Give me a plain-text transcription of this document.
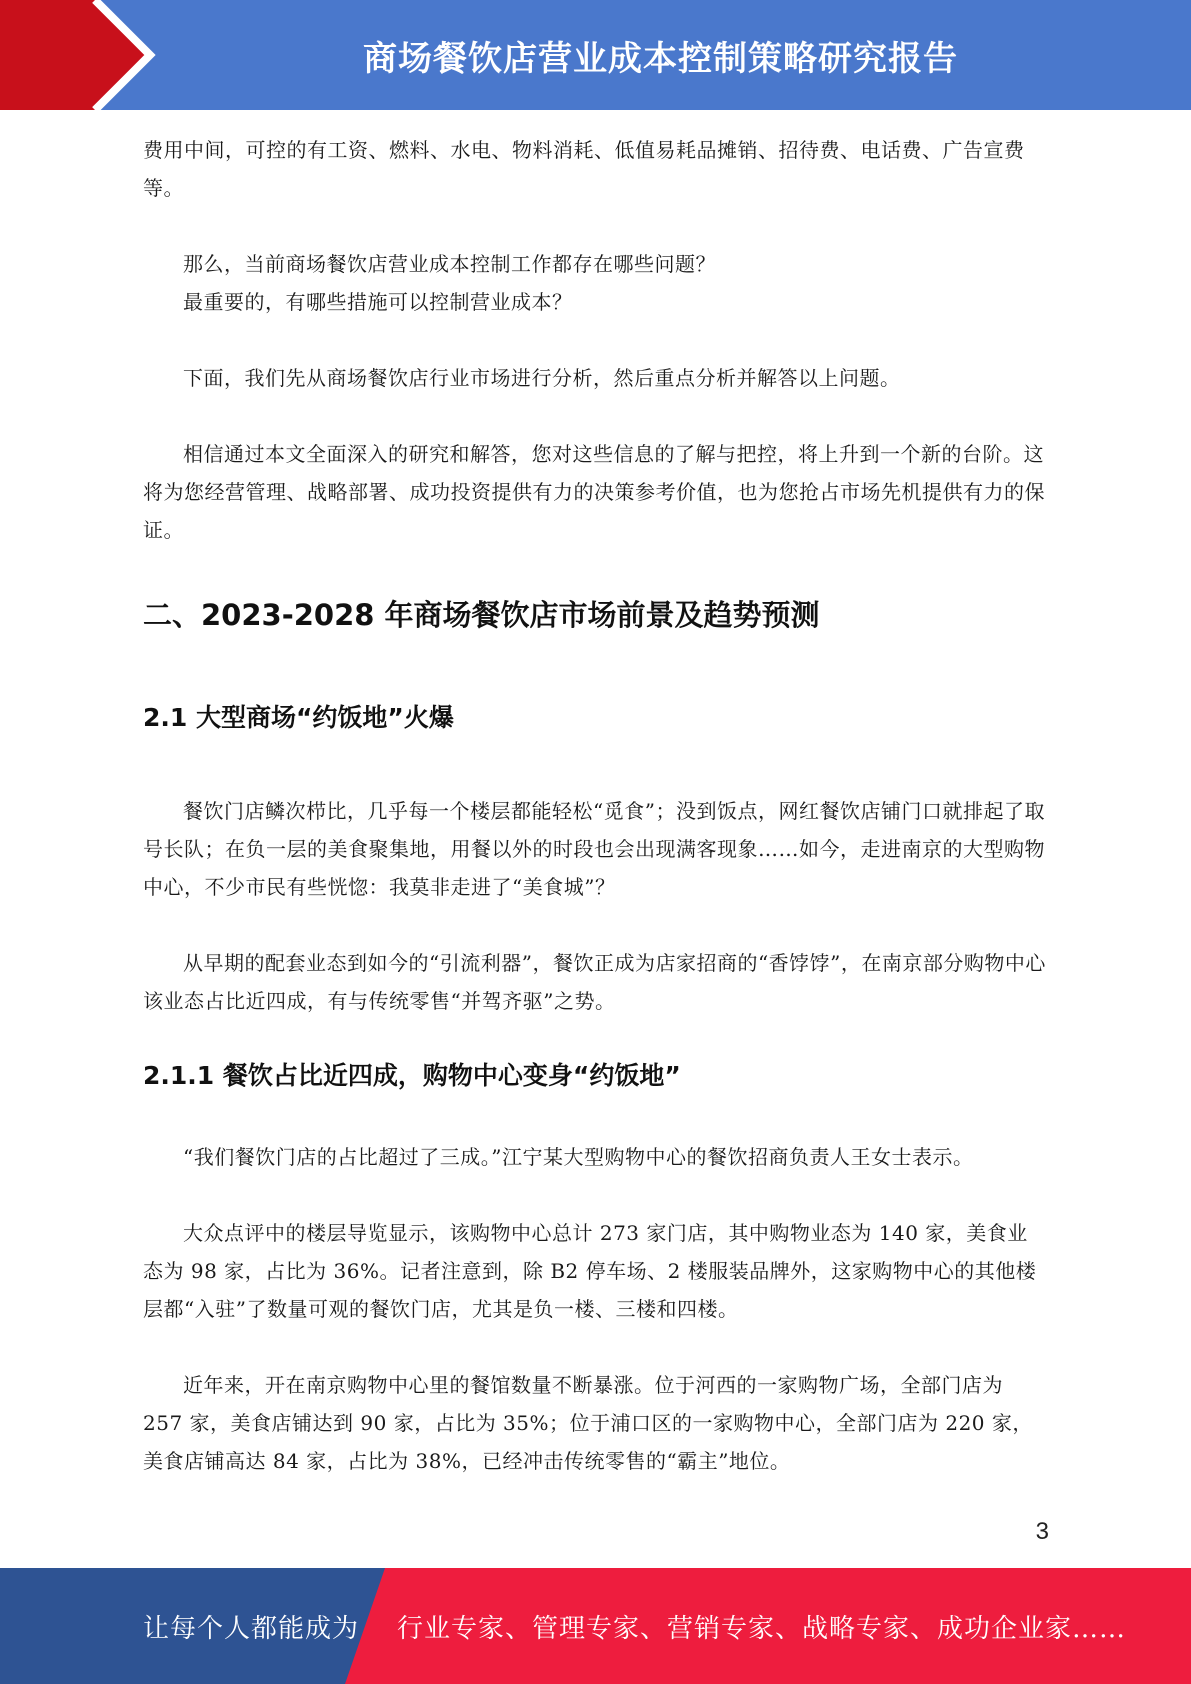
商场餐饮店营业成本控制策略研究报告

费用中间，可控的有工资、燃料、水电、物料消耗、低值易耗品摊销、招待费、电话费、广告宣费等。

那么，当前商场餐饮店营业成本控制工作都存在哪些问题？

最重要的，有哪些措施可以控制营业成本？

下面，我们先从商场餐饮店行业市场进行分析，然后重点分析并解答以上问题。

相信通过本文全面深入的研究和解答，您对这些信息的了解与把控，将上升到一个新的台阶。这将为您经营管理、战略部署、成功投资提供有力的决策参考价值，也为您抢占市场先机提供有力的保证。

二、2023-2028 年商场餐饮店市场前景及趋势预测
2.1 大型商场“约饭地”火爆

餐饮门店鳞次栉比，几乎每一个楼层都能轻松“觅食”；没到饭点，网红餐饮店铺门口就排起了取号长队；在负一层的美食聚集地，用餐以外的时段也会出现满客现象……如今，走进南京的大型购物中心，不少市民有些恍惚：我莫非走进了“美食城”？

从早期的配套业态到如今的“引流利器”，餐饮正成为店家招商的“香饽饽”，在南京部分购物中心该业态占比近四成，有与传统零售“并驾齐驱”之势。

2.1.1 餐饮占比近四成，购物中心变身“约饭地”

“我们餐饮门店的占比超过了三成。”江宁某大型购物中心的餐饮招商负责人王女士表示。

大众点评中的楼层导览显示，该购物中心总计 273 家门店，其中购物业态为 140 家，美食业态为 98 家，占比为 36%。记者注意到，除 B2 停车场、2 楼服装品牌外，这家购物中心的其他楼层都“入驻”了数量可观的餐饮门店，尤其是负一楼、三楼和四楼。

近年来，开在南京购物中心里的餐馆数量不断暴涨。位于河西的一家购物广场，全部门店为 257 家，美食店铺达到 90 家，占比为 35%；位于浦口区的一家购物中心，全部门店为 220 家，美食店铺高达 84 家，占比为 38%，已经冲击传统零售的“霸主”地位。

3
让每个人都能成为 行业专家、管理专家、营销专家、战略专家、成功企业家……
